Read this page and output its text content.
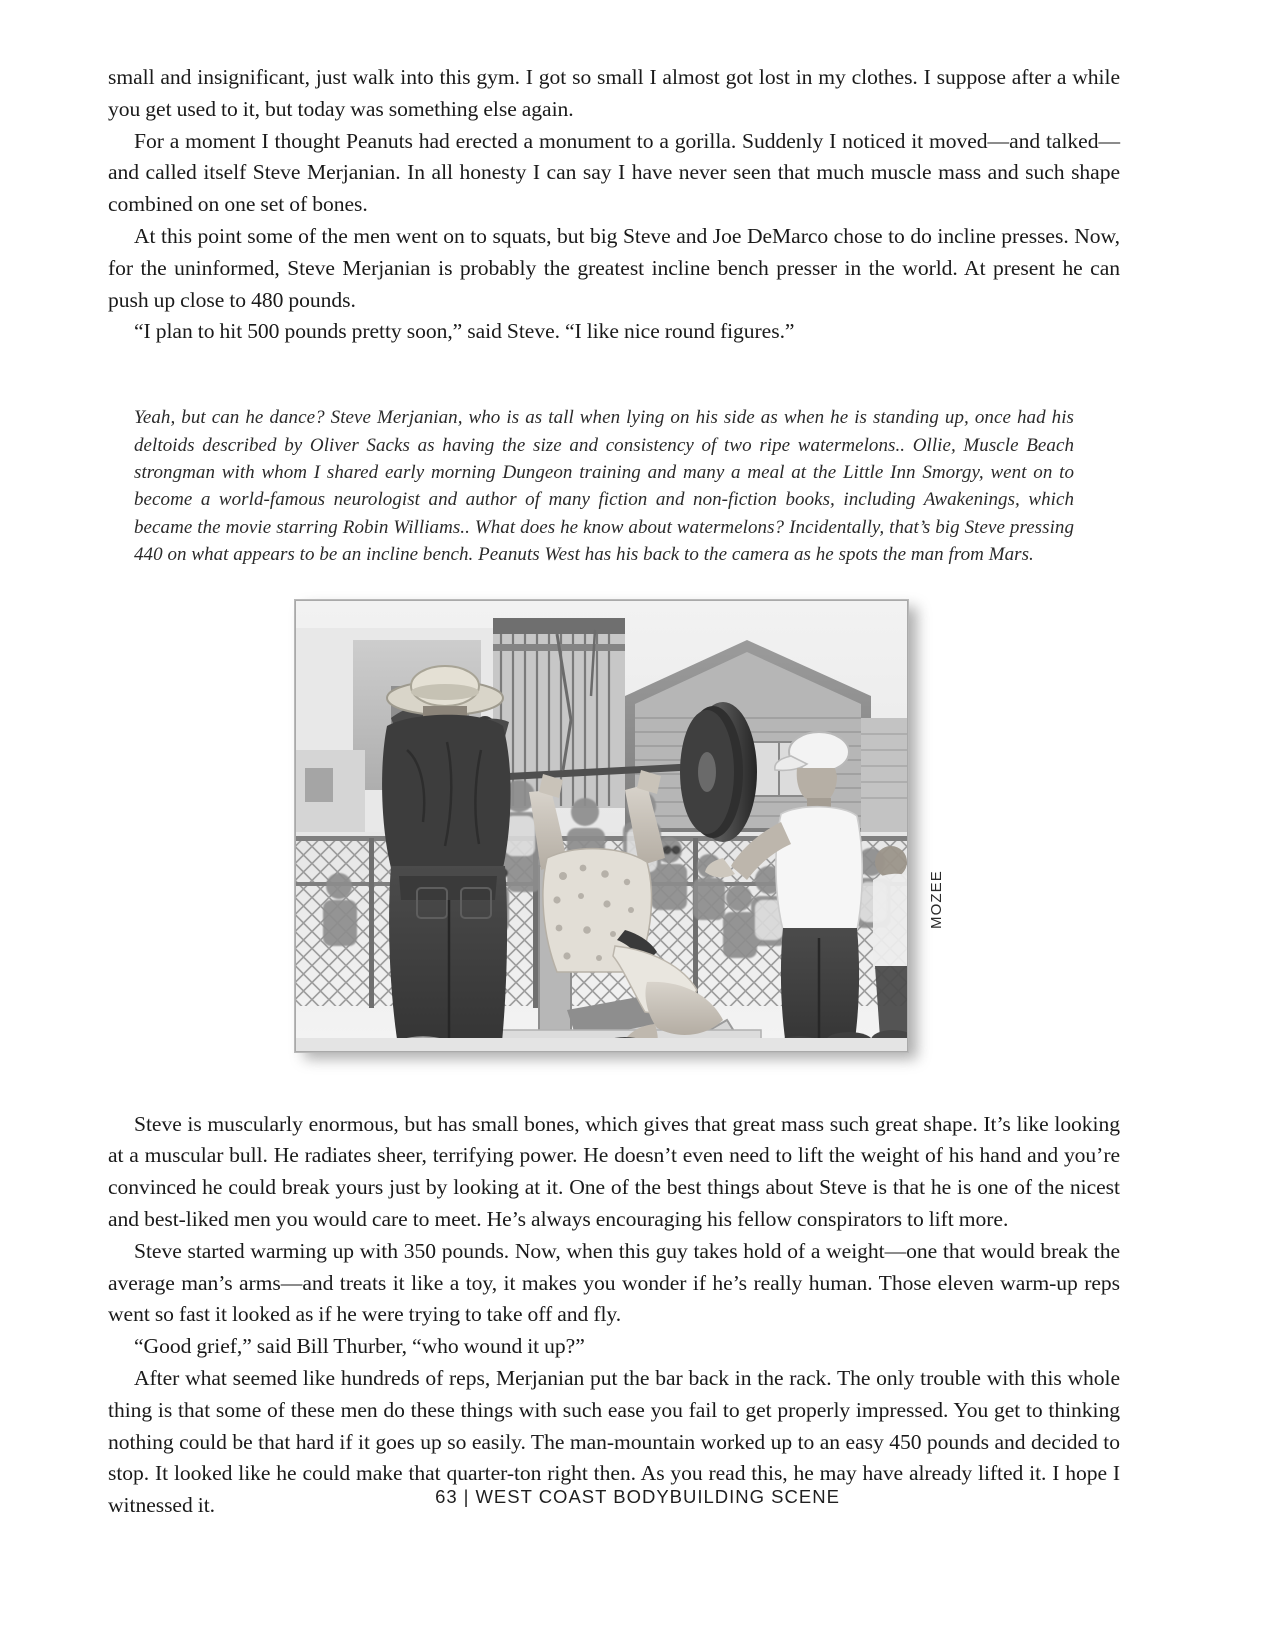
small and insignificant, just walk into this gym. I got so small I almost got lost in my clothes. I suppose after a while you get used to it, but today was something else again.

For a moment I thought Peanuts had erected a monument to a gorilla. Suddenly I noticed it moved—and talked—and called itself Steve Merjanian. In all honesty I can say I have never seen that much muscle mass and such shape combined on one set of bones.

At this point some of the men went on to squats, but big Steve and Joe DeMarco chose to do incline presses. Now, for the uninformed, Steve Merjanian is probably the greatest incline bench presser in the world. At present he can push up close to 480 pounds.

“I plan to hit 500 pounds pretty soon,” said Steve. “I like nice round figures.”

Yeah, but can he dance? Steve Merjanian, who is as tall when lying on his side as when he is standing up, once had his deltoids described by Oliver Sacks as having the size and consistency of two ripe watermelons.. Ollie, Muscle Beach strongman with whom I shared early morning Dungeon training and many a meal at the Little Inn Smorgy, went on to become a world-famous neurologist and author of many fiction and non-fiction books, including Awakenings, which became the movie starring Robin Williams.. What does he know about watermelons? Incidentally, that’s big Steve pressing 440 on what appears to be an incline bench. Peanuts West has his back to the camera as he spots the man from Mars.

MOZEE

Steve is muscularly enormous, but has small bones, which gives that great mass such great shape. It’s like looking at a muscular bull. He radiates sheer, terrifying power. He doesn’t even need to lift the weight of his hand and you’re convinced he could break yours just by looking at it. One of the best things about Steve is that he is one of the nicest and best-liked men you would care to meet. He’s always encouraging his fellow conspirators to lift more.

Steve started warming up with 350 pounds. Now, when this guy takes hold of a weight—one that would break the average man’s arms—and treats it like a toy, it makes you wonder if he’s really human. Those eleven warm-up reps went so fast it looked as if he were trying to take off and fly.

“Good grief,” said Bill Thurber, “who wound it up?”

After what seemed like hundreds of reps, Merjanian put the bar back in the rack. The only trouble with this whole thing is that some of these men do these things with such ease you fail to get properly impressed. You get to thinking nothing could be that hard if it goes up so easily. The man-mountain worked up to an easy 450 pounds and decided to stop. It looked like he could make that quarter-ton right then. As you read this, he may have already lifted it. I hope I witnessed it.	63 | WEST COAST BODYBUILDING SCENE
